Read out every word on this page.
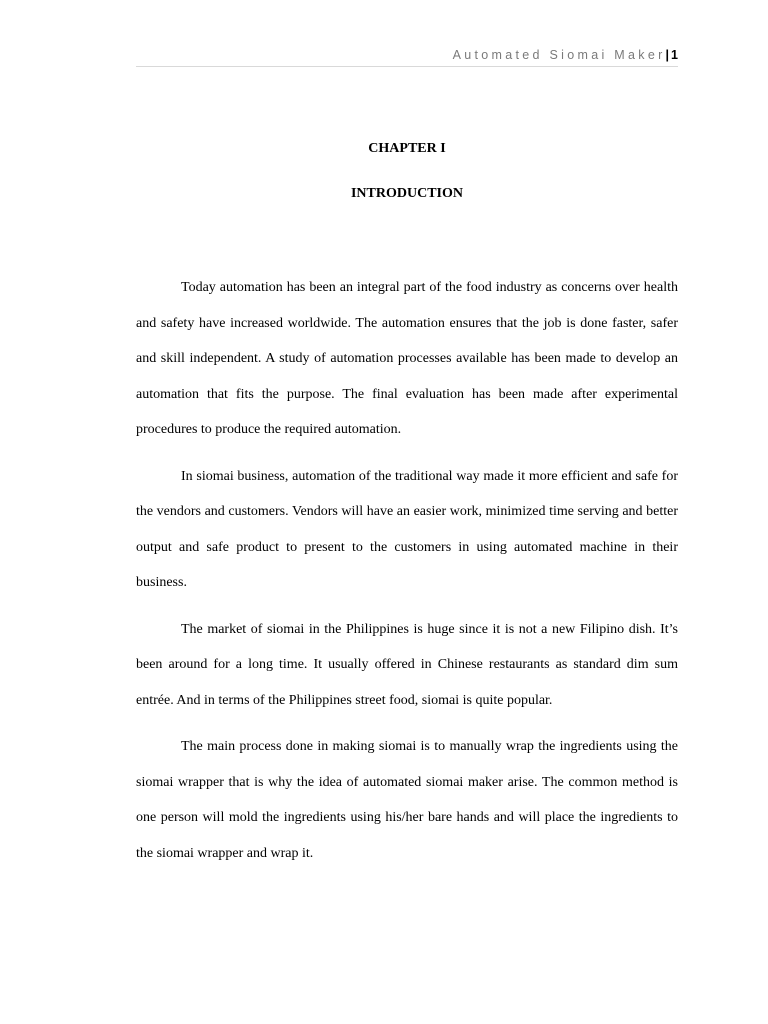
Automated Siomai Maker| 1
CHAPTER I
INTRODUCTION

Today automation has been an integral part of the food industry as concerns over health and safety have increased worldwide. The automation ensures that the job is done faster, safer and skill independent. A study of automation processes available has been made to develop an automation that fits the purpose. The final evaluation has been made after experimental procedures to produce the required automation.

In siomai business, automation of the traditional way made it more efficient and safe for the vendors and customers. Vendors will have an easier work, minimized time serving and better output and safe product to present to the customers in using automated machine in their business.

The market of siomai in the Philippines is huge since it is not a new Filipino dish. It’s been around for a long time. It usually offered in Chinese restaurants as standard dim sum entrée. And in terms of the Philippines street food, siomai is quite popular.

The main process done in making siomai is to manually wrap the ingredients using the siomai wrapper that is why the idea of automated siomai maker arise. The common method is one person will mold the ingredients using his/her bare hands and will place the ingredients to the siomai wrapper and wrap it.
